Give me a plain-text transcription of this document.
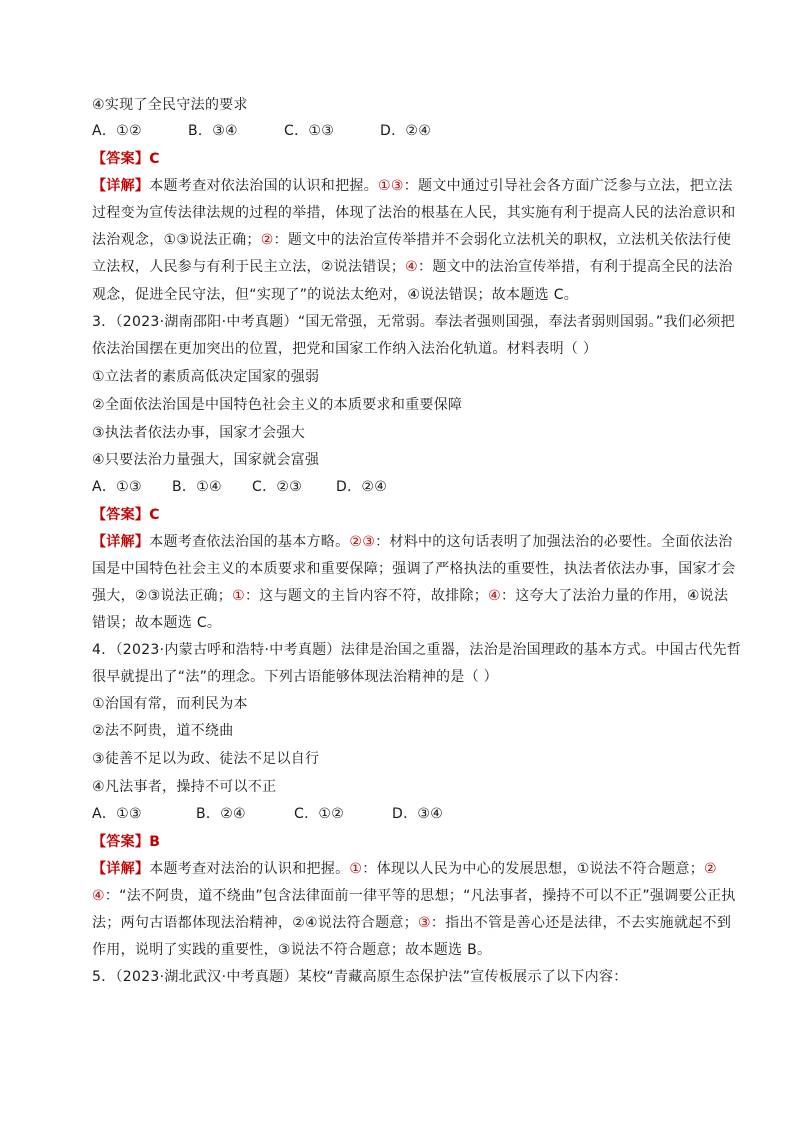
④实现了全民守法的要求
A．①②	B．③④	C．①③	D．②④
【答案】C
【详解】本题考查对依法治国的认识和把握。①③：题文中通过引导社会各方面广泛参与立法，把立法
过程变为宣传法律法规的过程的举措，体现了法治的根基在人民，其实施有利于提高人民的法治意识和
法治观念，①③说法正确；②：题文中的法治宣传举措并不会弱化立法机关的职权，立法机关依法行使
立法权，人民参与有利于民主立法，②说法错误；④：题文中的法治宣传举措，有利于提高全民的法治
观念，促进全民守法，但“实现了”的说法太绝对，④说法错误；故本题选 C。
3．（2023·湖南邵阳·中考真题）“国无常强，无常弱。奉法者强则国强，奉法者弱则国弱。”我们必须把
依法治国摆在更加突出的位置，把党和国家工作纳入法治化轨道。材料表明（ ）
①立法者的素质高低决定国家的强弱
②全面依法治国是中国特色社会主义的本质要求和重要保障
③执法者依法办事，国家才会强大
④只要法治力量强大，国家就会富强
A．①③ B．①④ C．②③ D．②④
【答案】C
【详解】本题考查依法治国的基本方略。②③：材料中的这句话表明了加强法治的必要性。全面依法治
国是中国特色社会主义的本质要求和重要保障；强调了严格执法的重要性，执法者依法办事，国家才会
强大，②③说法正确；①：这与题文的主旨内容不符，故排除；④：这夸大了法治力量的作用，④说法
错误；故本题选 C。
4．（2023·内蒙古呼和浩特·中考真题）法律是治国之重器，法治是治国理政的基本方式。中国古代先哲
很早就提出了“法”的理念。下列古语能够体现法治精神的是（ ）
①治国有常，而利民为本
②法不阿贵，道不绕曲
③徒善不足以为政、徒法不足以自行
④凡法事者，操持不可以不正
A．①③	B．②④	C．①②	D．③④
【答案】B
【详解】本题考查对法治的认识和把握。①：体现以人民为中心的发展思想，①说法不符合题意；②
④：“法不阿贵，道不绕曲”包含法律面前一律平等的思想；“凡法事者，操持不可以不正”强调要公正执
法；两句古语都体现法治精神，②④说法符合题意；③：指出不管是善心还是法律，不去实施就起不到
作用，说明了实践的重要性，③说法不符合题意；故本题选 B。
5．（2023·湖北武汉·中考真题）某校“青藏高原生态保护法”宣传板展示了以下内容：
